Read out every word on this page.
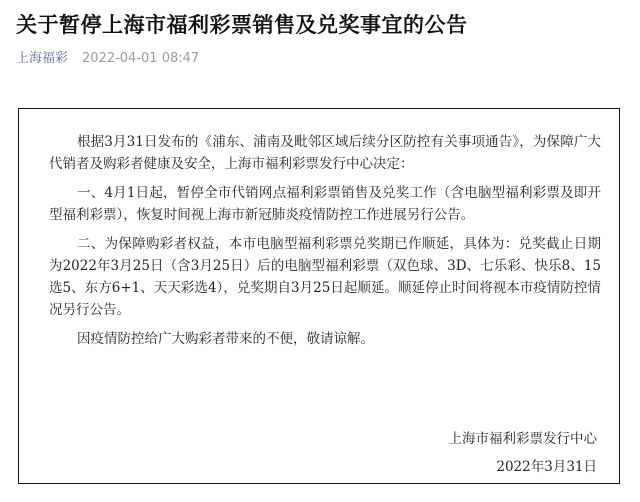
关于暂停上海市福利彩票销售及兑奖事宜的公告
上海福彩 2022-04-01 08:47

根据3月31日发布的《浦东、浦南及毗邻区域后续分区防控有关事项通告》，为保障广大代销者及购彩者健康及安全，上海市福利彩票发行中心决定：

一、4月1日起，暂停全市代销网点福利彩票销售及兑奖工作（含电脑型福利彩票及即开型福利彩票），恢复时间视上海市新冠肺炎疫情防控工作进展另行公告。

二、为保障购彩者权益，本市电脑型福利彩票兑奖期已作顺延，具体为：兑奖截止日期为2022年3月25日（含3月25日）后的电脑型福利彩票（双色球、3D、七乐彩、快乐8、15选5、东方6+1、天天彩选4），兑奖期自3月25日起顺延。顺延停止时间将视本市疫情防控情况另行公告。

因疫情防控给广大购彩者带来的不便，敬请谅解。

上海市福利彩票发行中心
2022年3月31日
